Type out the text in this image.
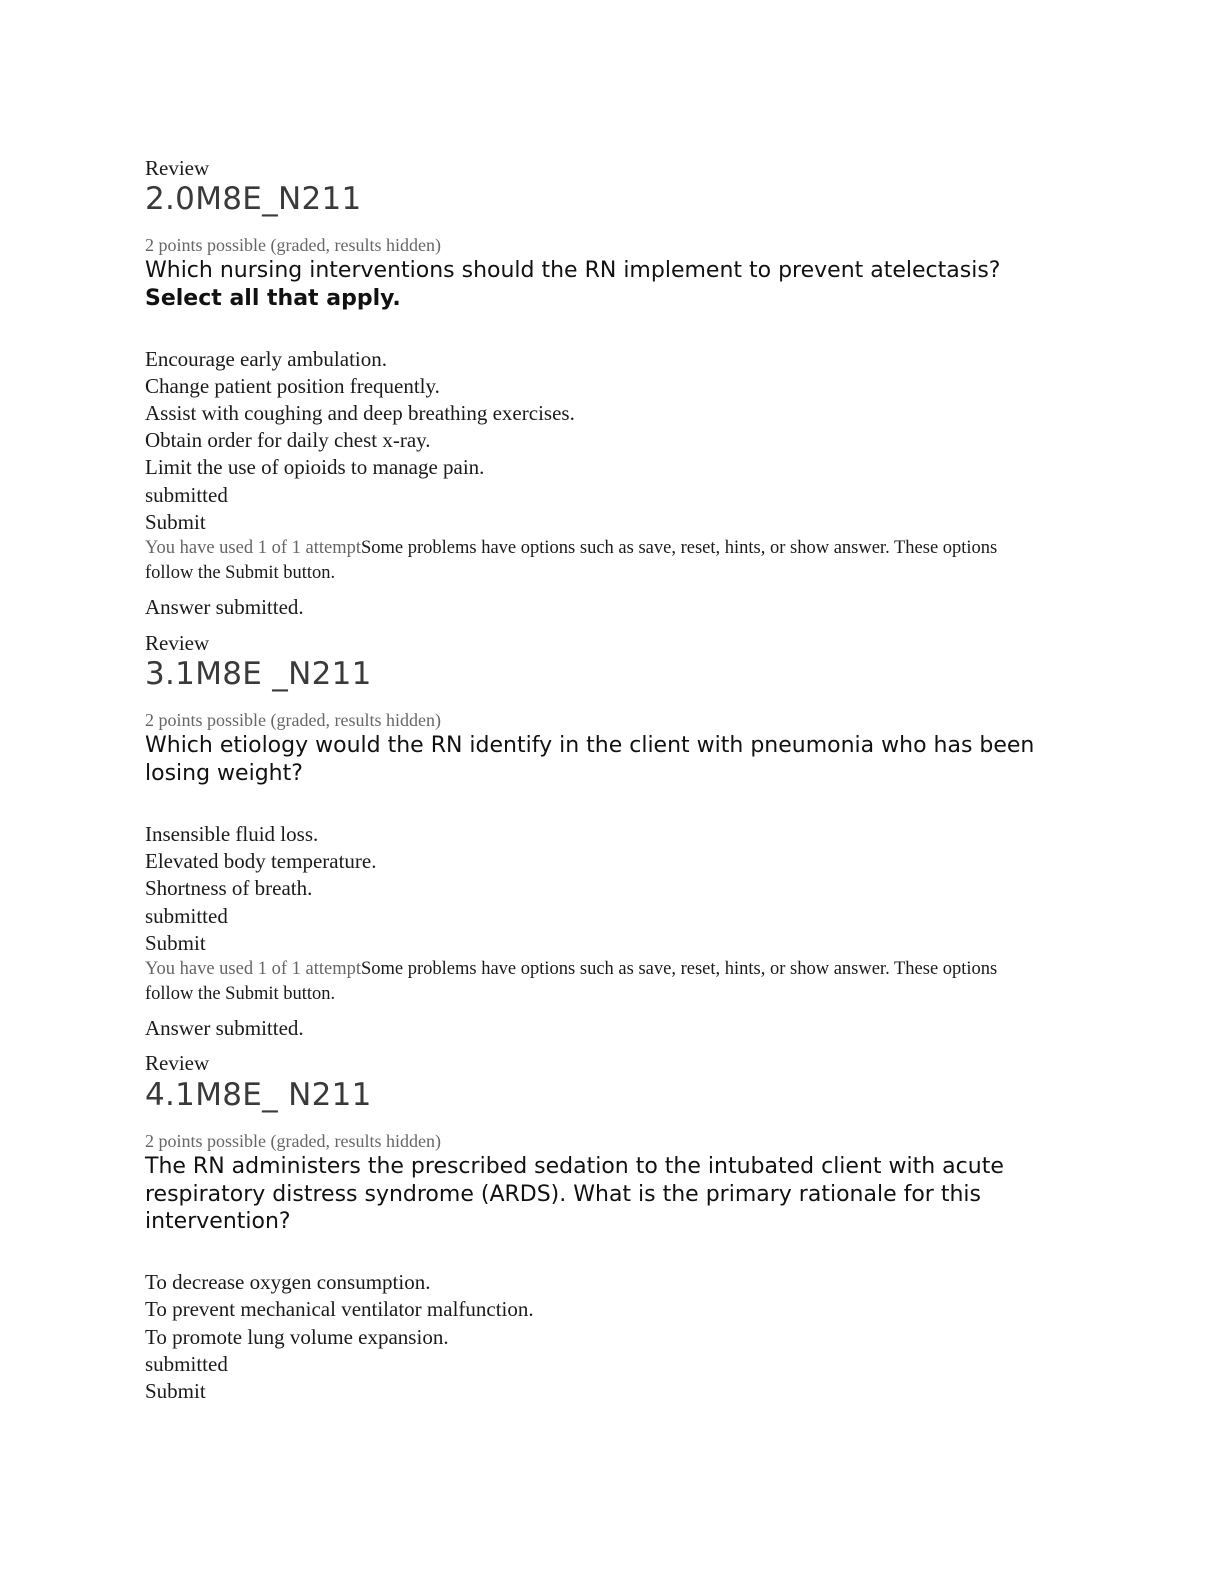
Review
2.0M8E_N211
2 points possible (graded, results hidden)
Which nursing interventions should the RN implement to prevent atelectasis? Select all that apply.
Encourage early ambulation.
Change patient position frequently.
Assist with coughing and deep breathing exercises.
Obtain order for daily chest x-ray.
Limit the use of opioids to manage pain.
submitted
Submit
You have used 1 of 1 attemptSome problems have options such as save, reset, hints, or show answer. These options follow the Submit button.
Answer submitted.
Review
3.1M8E _N211
2 points possible (graded, results hidden)
Which etiology would the RN identify in the client with pneumonia who has been losing weight?
Insensible fluid loss.
Elevated body temperature.
Shortness of breath.
submitted
Submit
You have used 1 of 1 attemptSome problems have options such as save, reset, hints, or show answer. These options follow the Submit button.
Answer submitted.
Review
4.1M8E_ N211
2 points possible (graded, results hidden)
The RN administers the prescribed sedation to the intubated client with acute respiratory distress syndrome (ARDS). What is the primary rationale for this intervention?
To decrease oxygen consumption.
To prevent mechanical ventilator malfunction.
To promote lung volume expansion.
submitted
Submit
